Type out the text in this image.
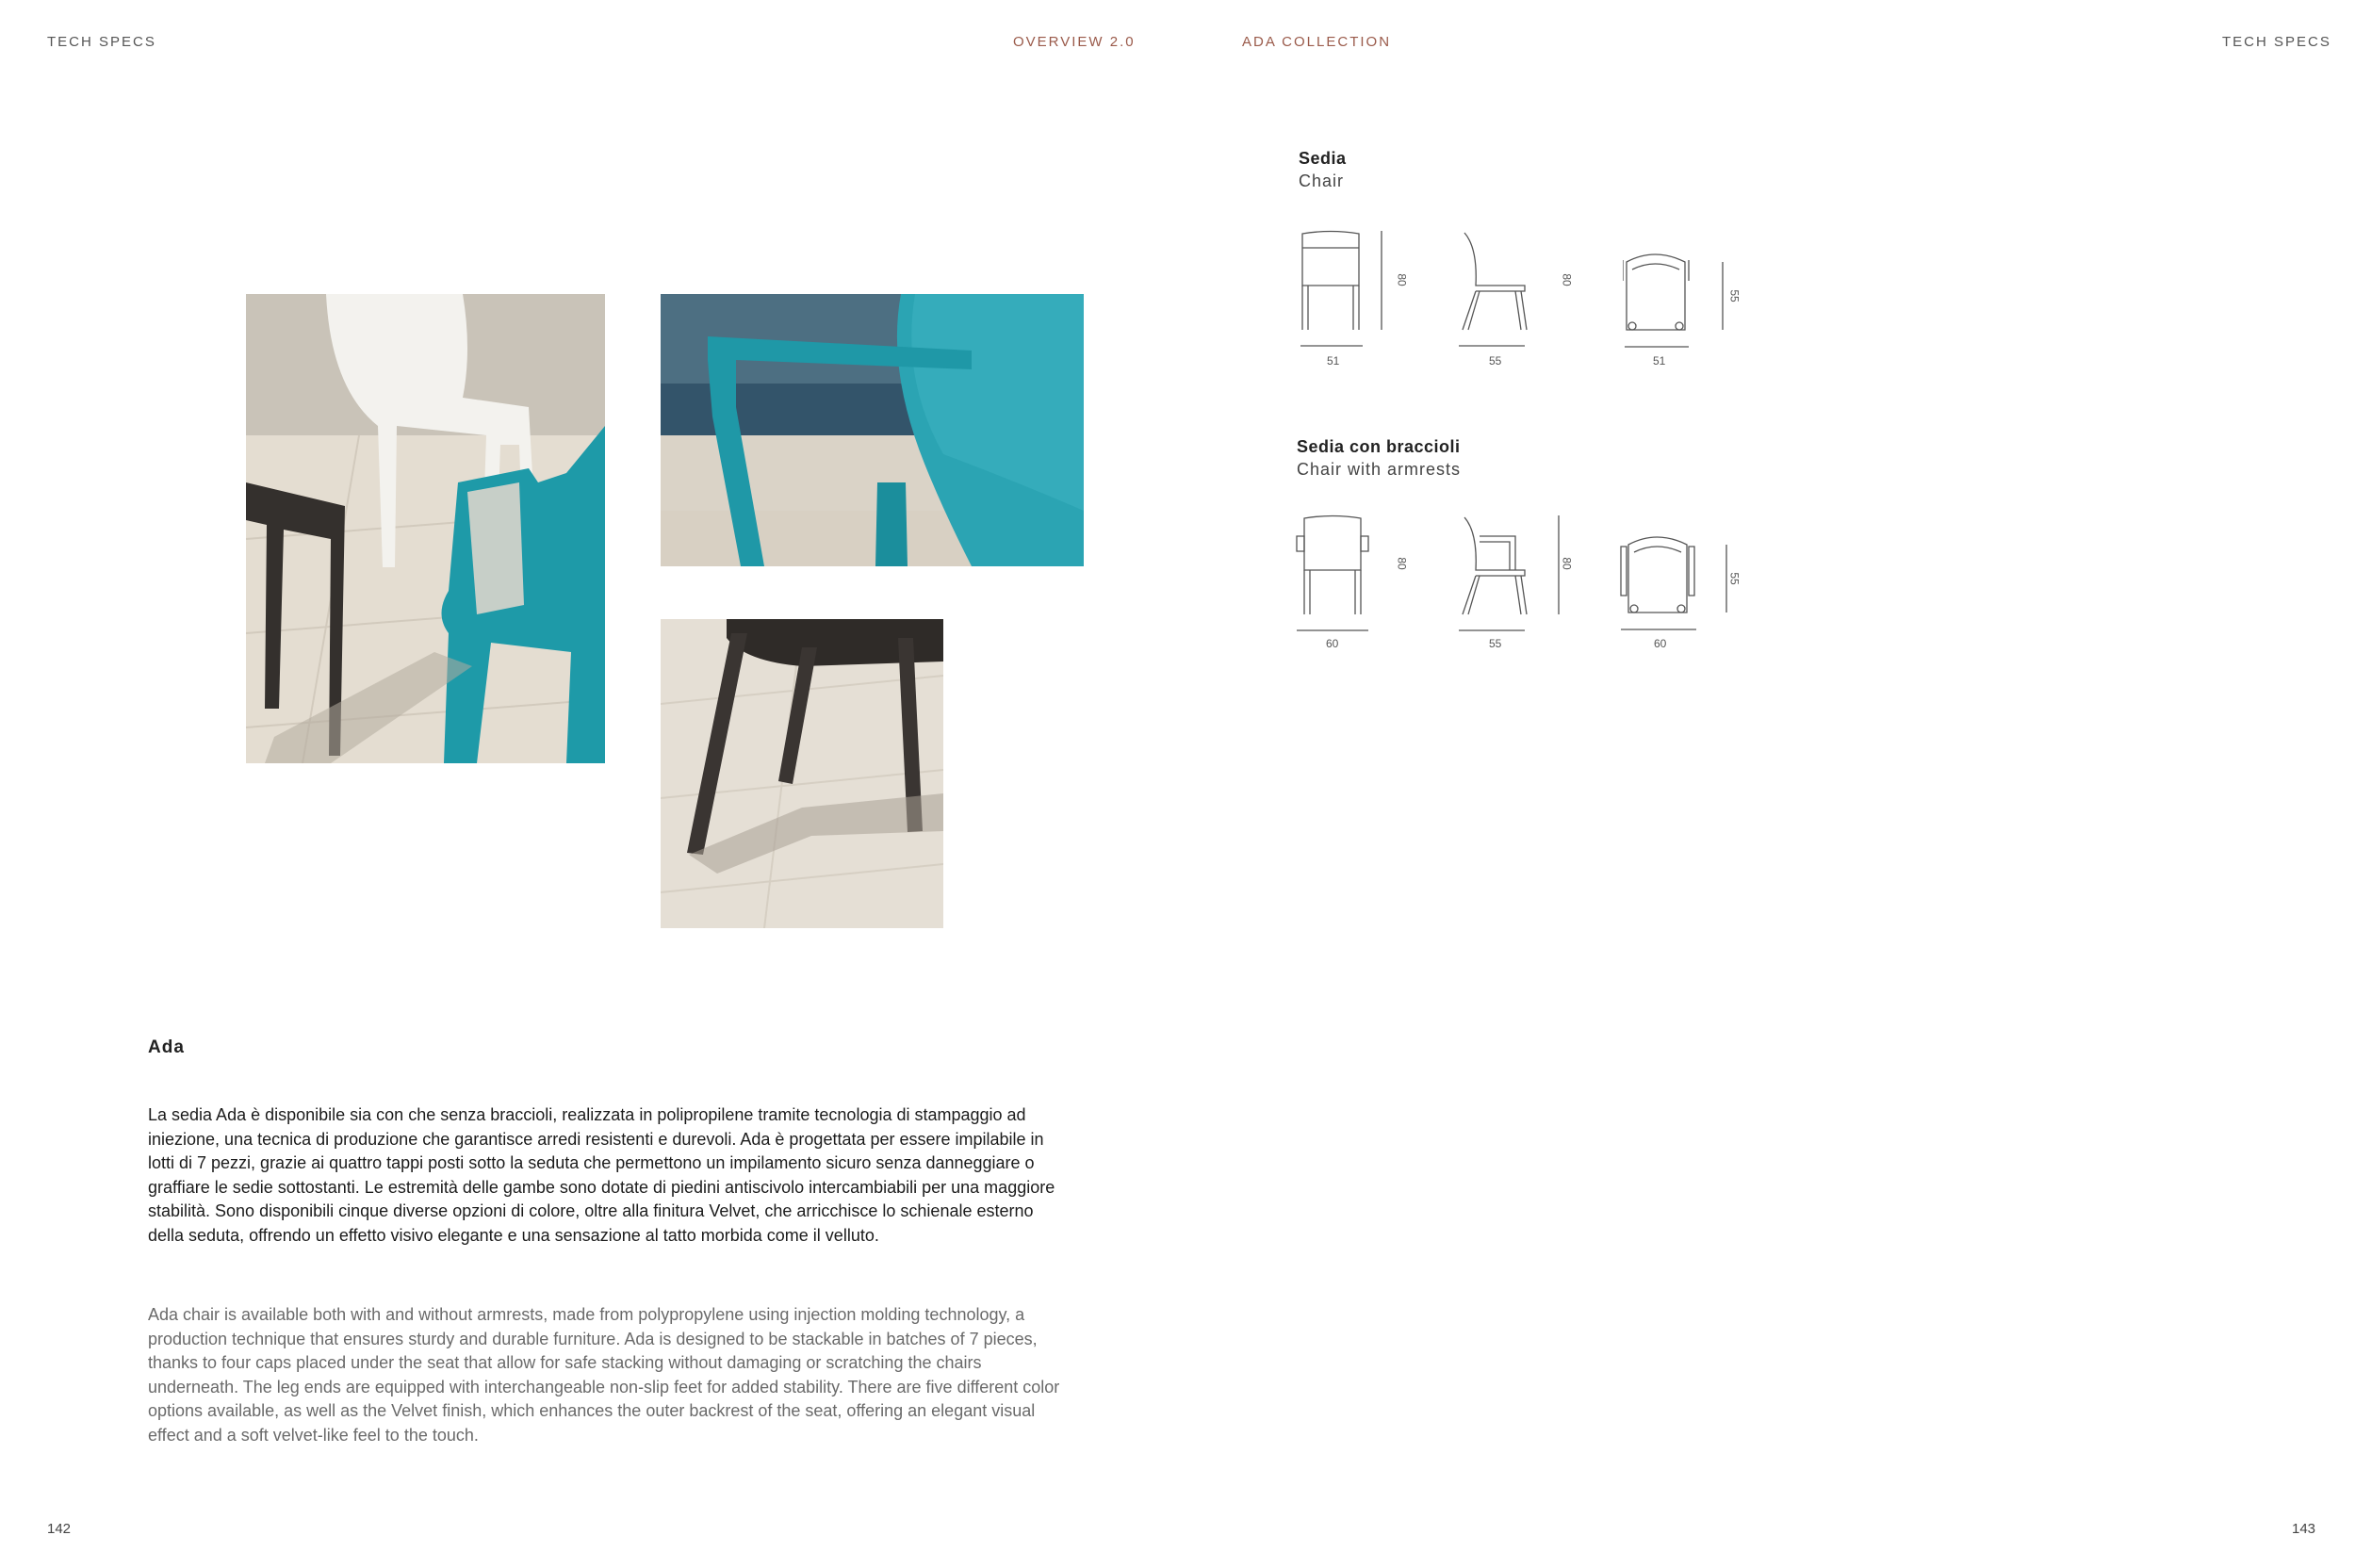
TECH SPECS	OVERVIEW 2.0	ADA COLLECTION	TECH SPECS
Sedia
Chair
80
51
80
55
55
51
Sedia con braccioli
Chair with armrests
80
60
80
55
55
60
Ada
La sedia Ada è disponibile sia con che senza braccioli, realizzata in polipropilene tramite tecnologia di stampaggio ad iniezione, una tecnica di produzione che garantisce arredi resistenti e durevoli. Ada è progettata per essere impilabile in lotti di 7 pezzi, grazie ai quattro tappi posti sotto la seduta che permettono un impilamento sicuro senza danneggiare o graffiare le sedie sottostanti. Le estremità delle gambe sono dotate di piedini antiscivolo intercambiabili per una maggiore stabilità. Sono disponibili cinque diverse opzioni di colore, oltre alla finitura Velvet, che arricchisce lo schienale esterno della seduta, offrendo un effetto visivo elegante e una sensazione al tatto morbida come il velluto.
Ada chair is available both with and without armrests, made from polypropylene using injection molding technology, a production technique that ensures sturdy and durable furniture. Ada is designed to be stackable in batches of 7 pieces, thanks to four caps placed under the seat that allow for safe stacking without damaging or scratching the chairs underneath. The leg ends are equipped with interchangeable non-slip feet for added stability. There are five different color options available, as well as the Velvet finish, which enhances the outer backrest of the seat, offering an elegant visual effect and a soft velvet-like feel to the touch.
142	143
